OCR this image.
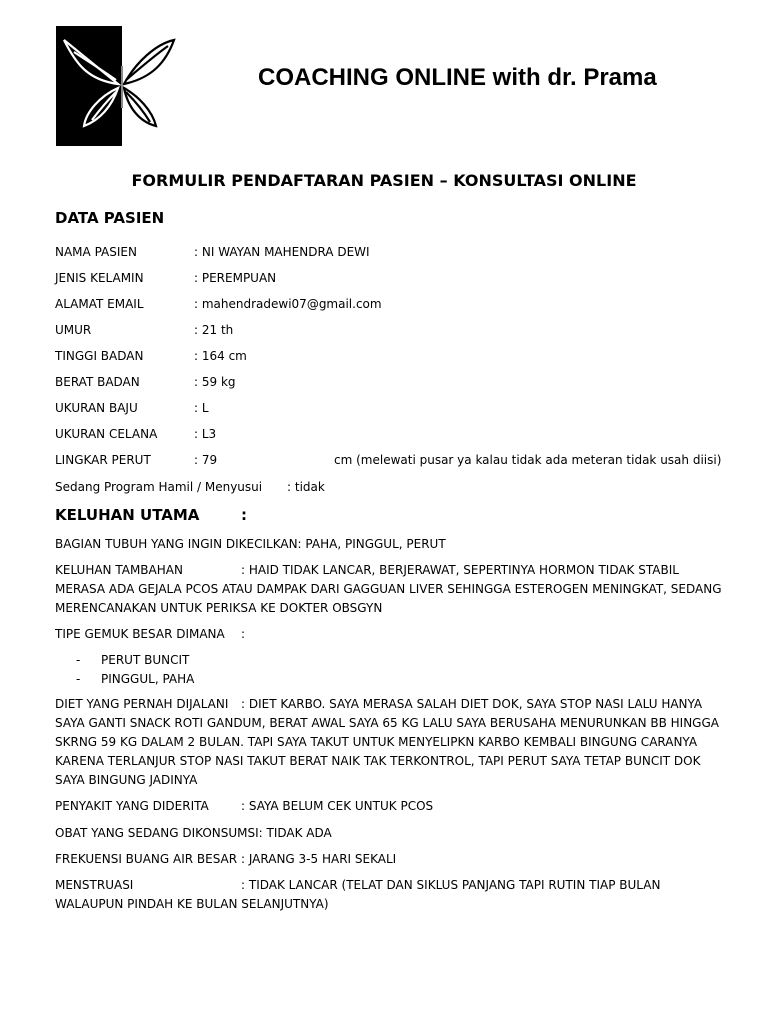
COACHING ONLINE with dr. Prama
FORMULIR PENDAFTARAN PASIEN – KONSULTASI ONLINE
DATA PASIEN
NAMA PASIEN	: NI WAYAN MAHENDRA DEWI
JENIS KELAMIN	: PEREMPUAN
ALAMAT EMAIL	: mahendradewi07@gmail.com
UMUR	: 21 th
TINGGI BADAN	: 164 cm
BERAT BADAN	: 59 kg
UKURAN BAJU	: L
UKURAN CELANA	: L3
LINGKAR PERUT	: 79	cm (melewati pusar ya kalau tidak ada meteran tidak usah diisi)
Sedang Program Hamil / Menyusui : tidak
KELUHAN UTAMA	:
BAGIAN TUBUH YANG INGIN DIKECILKAN: PAHA, PINGGUL, PERUT
KELUHAN TAMBAHAN	: HAID TIDAK LANCAR, BERJERAWAT, SEPERTINYA HORMON TIDAK STABIL
MERASA ADA GEJALA PCOS ATAU DAMPAK DARI GAGGUAN LIVER SEHINGGA ESTEROGEN MENINGKAT, SEDANG
MERENCANAKAN UNTUK PERIKSA KE DOKTER OBSGYN
TIPE GEMUK BESAR DIMANA :
- PERUT BUNCIT
- PINGGUL, PAHA
DIET YANG PERNAH DIJALANI : DIET KARBO. SAYA MERASA SALAH DIET DOK, SAYA STOP NASI LALU HANYA
SAYA GANTI SNACK ROTI GANDUM, BERAT AWAL SAYA 65 KG LALU SAYA BERUSAHA MENURUNKAN BB HINGGA
SKRNG 59 KG DALAM 2 BULAN. TAPI SAYA TAKUT UNTUK MENYELIPKN KARBO KEMBALI BINGUNG CARANYA
KARENA TERLANJUR STOP NASI TAKUT BERAT NAIK TAK TERKONTROL, TAPI PERUT SAYA TETAP BUNCIT DOK
SAYA BINGUNG JADINYA
PENYAKIT YANG DIDERITA	: SAYA BELUM CEK UNTUK PCOS
OBAT YANG SEDANG DIKONSUMSI: TIDAK ADA
FREKUENSI BUANG AIR BESAR : JARANG 3-5 HARI SEKALI
MENSTRUASI	: TIDAK LANCAR (TELAT DAN SIKLUS PANJANG TAPI RUTIN TIAP BULAN
WALAUPUN PINDAH KE BULAN SELANJUTNYA)
